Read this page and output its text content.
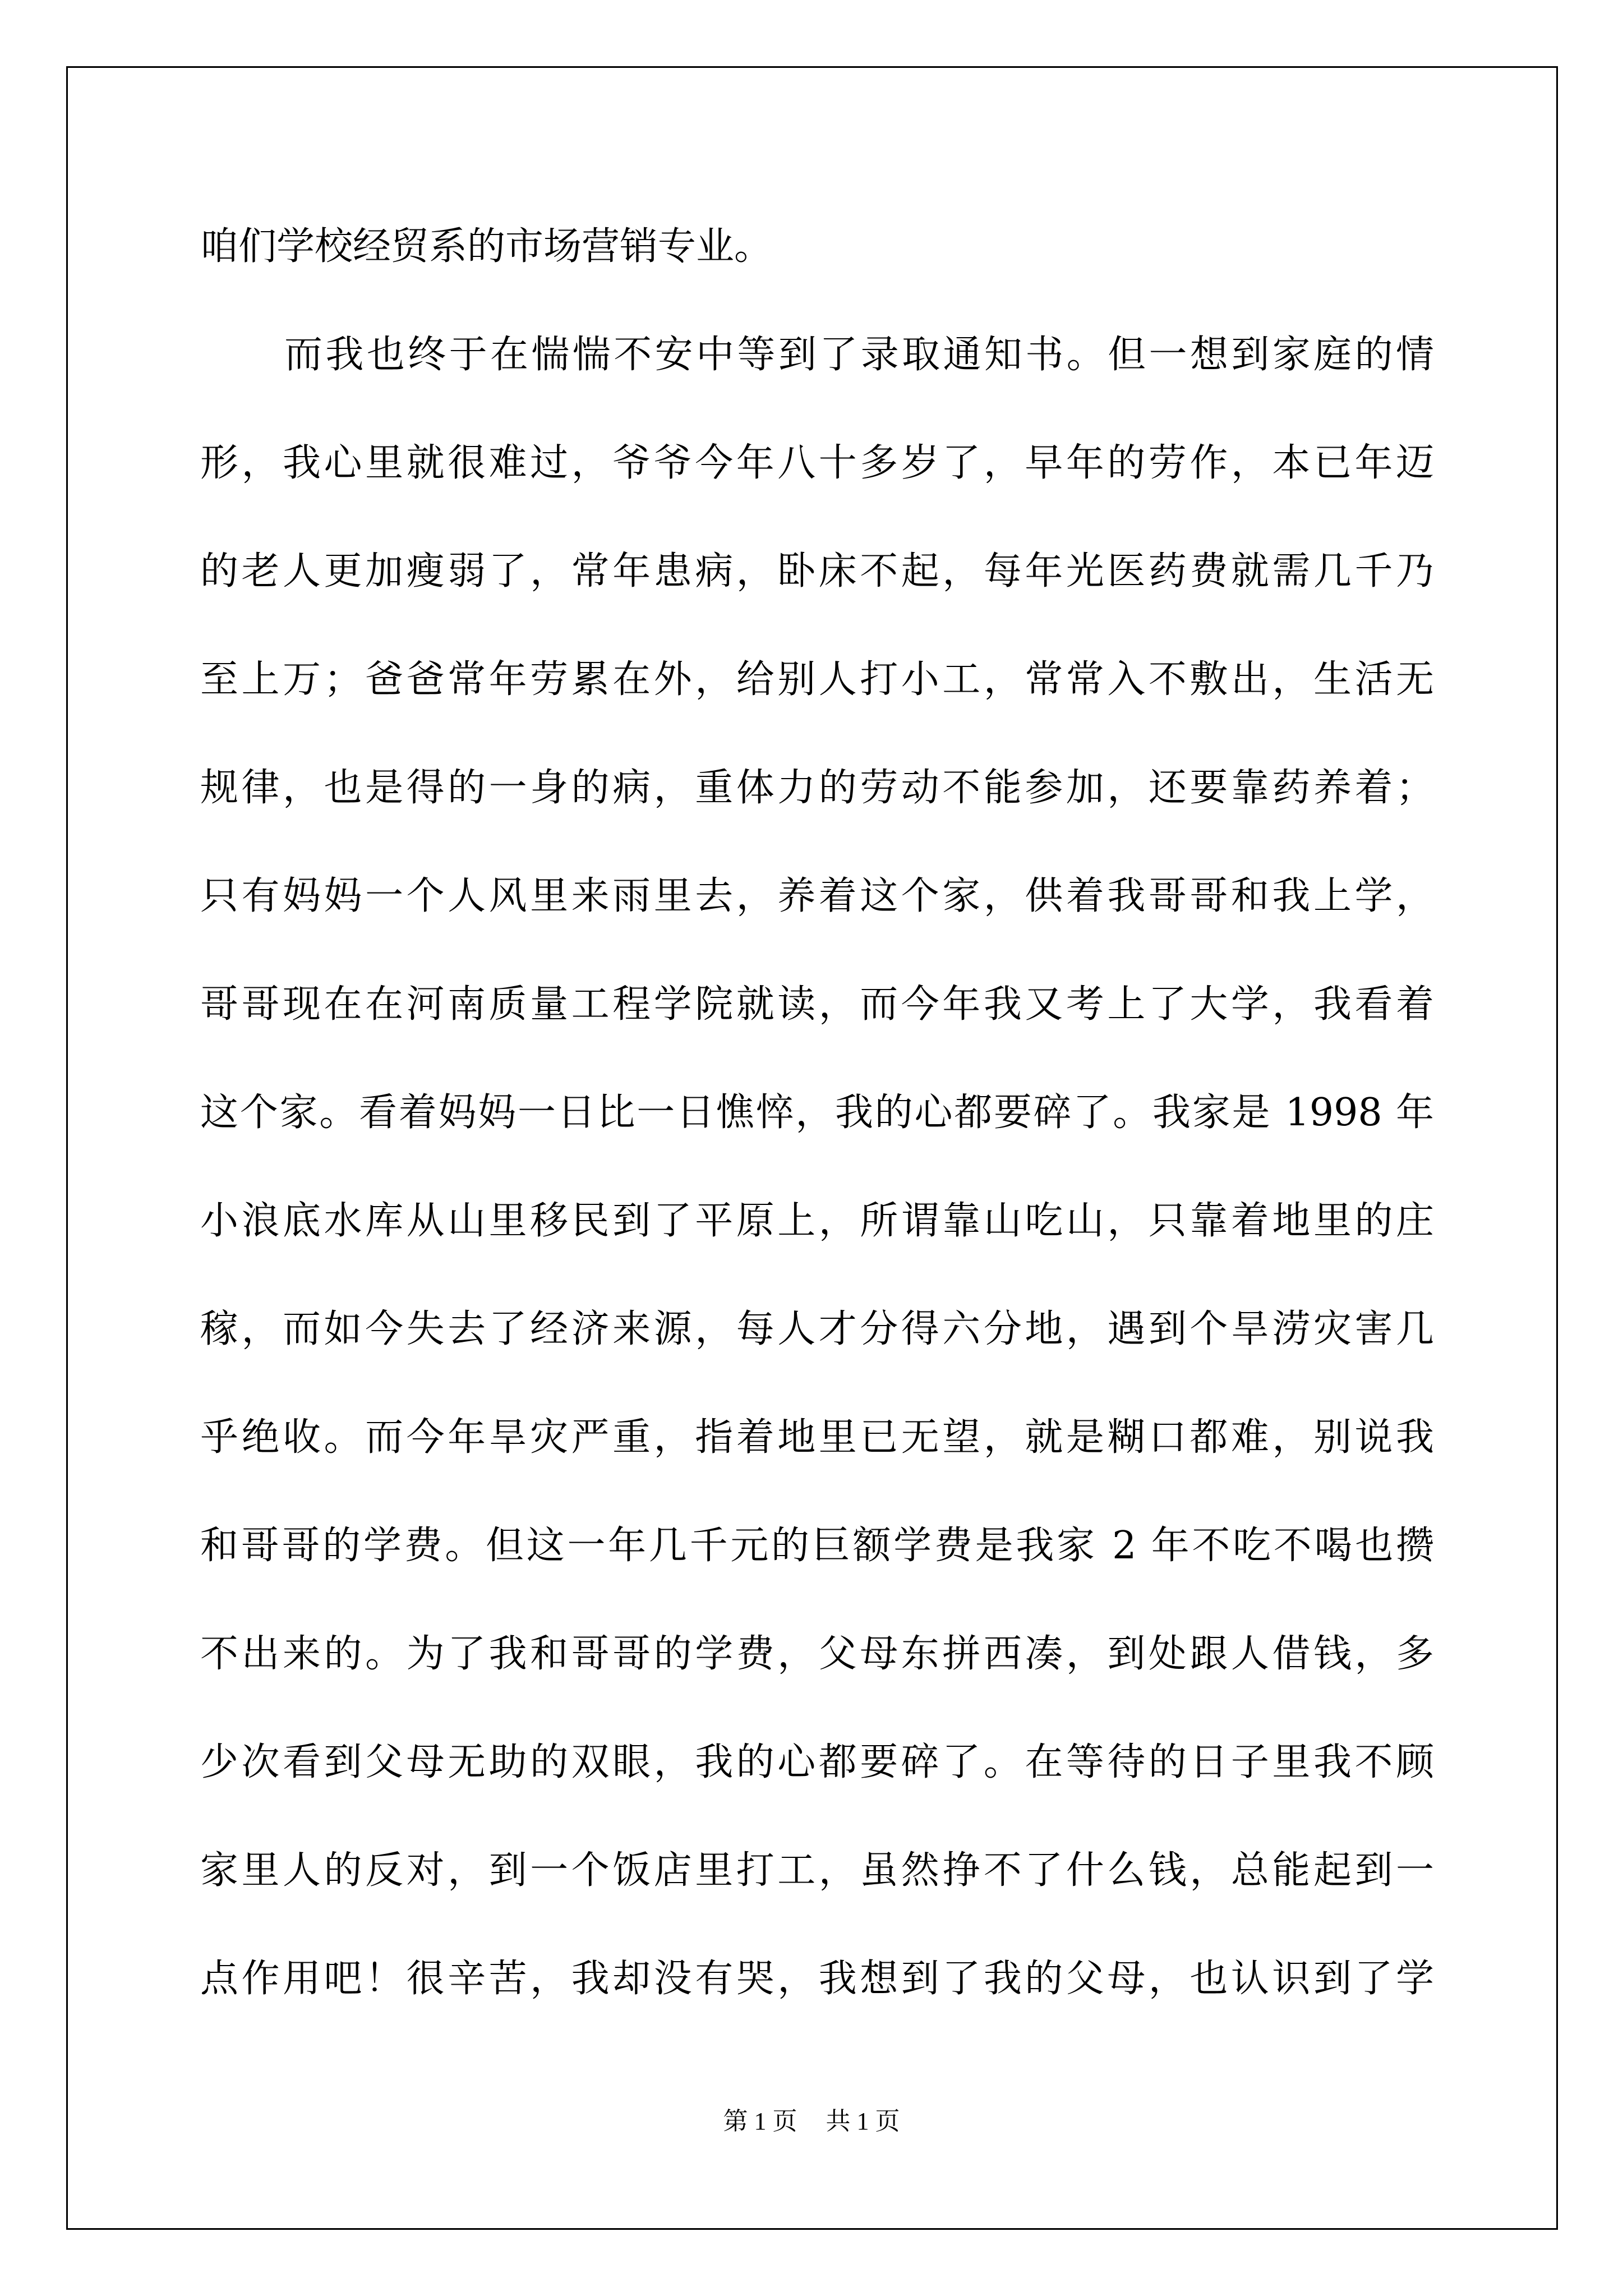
咱们学校经贸系的市场营销专业。
而我也终于在惴惴不安中等到了录取通知书。但一想到家庭的情
形，我心里就很难过，爷爷今年八十多岁了，早年的劳作，本已年迈
的老人更加瘦弱了，常年患病，卧床不起，每年光医药费就需几千乃
至上万；爸爸常年劳累在外，给别人打小工，常常入不敷出，生活无
规律，也是得的一身的病，重体力的劳动不能参加，还要靠药养着；
只有妈妈一个人风里来雨里去，养着这个家，供着我哥哥和我上学，
哥哥现在在河南质量工程学院就读，而今年我又考上了大学，我看着
这个家。看着妈妈一日比一日憔悴，我的心都要碎了。我家是 1998 年
小浪底水库从山里移民到了平原上，所谓靠山吃山，只靠着地里的庄
稼，而如今失去了经济来源，每人才分得六分地，遇到个旱涝灾害几
乎绝收。而今年旱灾严重，指着地里已无望，就是糊口都难，别说我
和哥哥的学费。但这一年几千元的巨额学费是我家 2 年不吃不喝也攒
不出来的。为了我和哥哥的学费，父母东拼西凑，到处跟人借钱，多
少次看到父母无助的双眼，我的心都要碎了。在等待的日子里我不顾
家里人的反对，到一个饭店里打工，虽然挣不了什么钱，总能起到一
点作用吧！很辛苦，我却没有哭，我想到了我的父母，也认识到了学
第 1 页 共 1 页
